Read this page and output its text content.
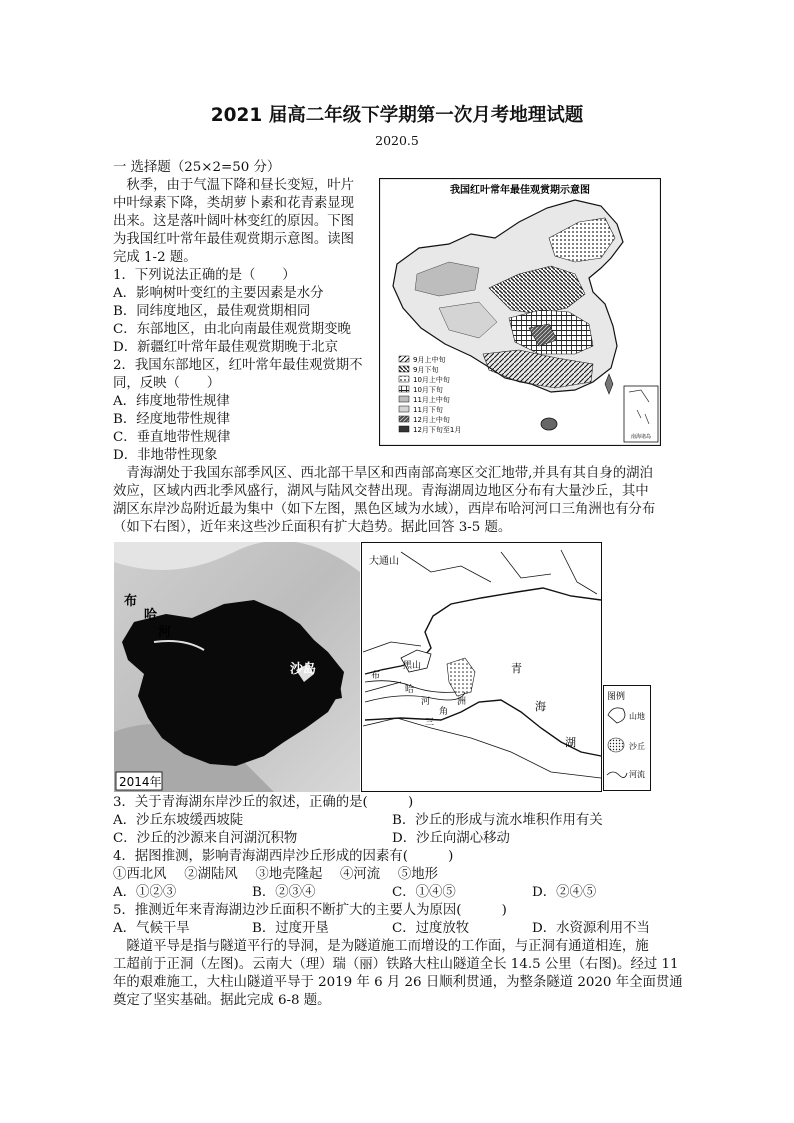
2021 届高二年级下学期第一次月考地理试题
2020.5
一 选择题（25×2=50 分）
　秋季，由于气温下降和昼长变短，叶片
中叶绿素下降，类胡萝卜素和花青素显现
出来。这是落叶阔叶林变红的原因。下图
为我国红叶常年最佳观赏期示意图。读图
完成 1-2 题。
1．下列说法正确的是（　　）
A．影响树叶变红的主要因素是水分
B．同纬度地区，最佳观赏期相同
C．东部地区，由北向南最佳观赏期变晚
D．新疆红叶常年最佳观赏期晚于北京
2．我国东部地区，红叶常年最佳观赏期不
同，反映（　　）
A．纬度地带性规律
B．经度地带性规律
C．垂直地带性规律
D．非地带性现象
我国红叶常年最佳观赏期示意图
9月上中旬
9月下旬
10月上中旬
10月下旬
11月上中旬
11月下旬
12月上中旬
12月下旬至1月
南海诸岛
　青海湖处于我国东部季风区、西北部干旱区和西南部高寒区交汇地带,并具有其自身的湖泊
效应，区域内西北季风盛行，湖风与陆风交替出现。青海湖周边地区分布有大量沙丘，其中
湖区东岸沙岛附近最为集中（如下左图，黑色区域为水域），西岸布哈河河口三角洲也有分布
（如下右图），近年来这些沙丘面积有扩大趋势。据此回答 3-5 题。
布
哈
河
沙岛
2014年
大通山
黑山
布
哈
河
三
角
洲
青
海
湖
图例
山地
沙丘
河流
3．关于青海湖东岸沙丘的叙述，正确的是(　　　)
A．沙丘东坡缓西坡陡	B．沙丘的形成与流水堆积作用有关
C．沙丘的沙源来自河湖沉积物	D．沙丘向湖心移动
4．据图推测，影响青海湖西岸沙丘形成的因素有(　　　)
①西北风　 ②湖陆风　 ③地壳隆起　 ④河流　 ⑤地形
A．①②③	B．②③④	C．①④⑤	D．②④⑤
5．推测近年来青海湖边沙丘面积不断扩大的主要人为原因(　　　)
A．气候干旱	B．过度开垦	C．过度放牧	D．水资源利用不当
　隧道平导是指与隧道平行的导洞，是为隧道施工而增设的工作面，与正洞有通道相连，施
工超前于正洞（左图)。云南大（理）瑞（丽）铁路大柱山隧道全长 14.5 公里（右图)。经过 11
年的艰难施工，大柱山隧道平导于 2019 年 6 月 26 日顺利贯通，为整条隧道 2020 年全面贯通
奠定了坚实基础。据此完成 6-8 题。
